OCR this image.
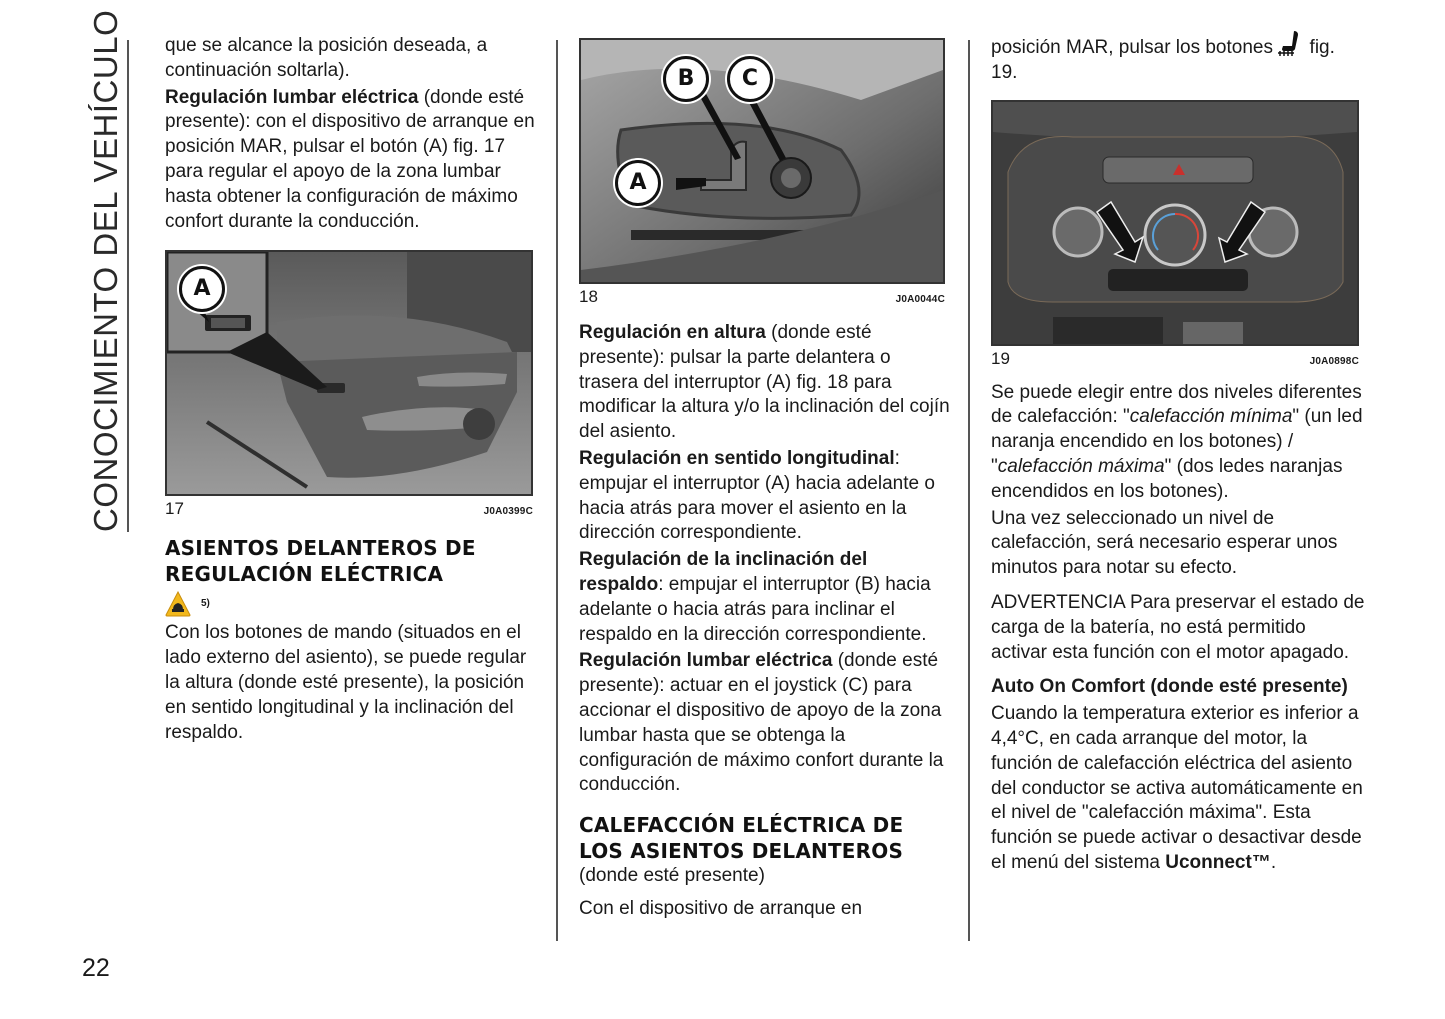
CONOCIMIENTO DEL VEHÍCULO
22

que se alcance la posición deseada, a continuación soltarla).

Regulación lumbar eléctrica (donde esté presente): con el dispositivo de arranque en posición MAR, pulsar el botón (A) fig. 17 para regular el apoyo de la zona lumbar hasta obtener la configuración de máximo confort durante la conducción.

A
17	J0A0399C
ASIENTOS DELANTEROS DE REGULACIÓN ELÉCTRICA
5)

Con los botones de mando (situados en el lado externo del asiento), se puede regular la altura (donde esté presente), la posición en sentido longitudinal y la inclinación del respaldo.

A
B	C
18	J0A0044C

Regulación en altura (donde esté presente): pulsar la parte delantera o trasera del interruptor (A) fig. 18 para modificar la altura y/o la inclinación del cojín del asiento.

Regulación en sentido longitudinal: empujar el interruptor (A) hacia adelante o hacia atrás para mover el asiento en la dirección correspondiente.

Regulación de la inclinación del respaldo: empujar el interruptor (B) hacia adelante o hacia atrás para inclinar el respaldo en la dirección correspondiente.

Regulación lumbar eléctrica (donde esté presente): actuar en el joystick (C) para accionar el dispositivo de apoyo de la zona lumbar hasta que se obtenga la configuración de máximo confort durante la conducción.

CALEFACCIÓN ELÉCTRICA DE LOS ASIENTOS DELANTEROS

(donde esté presente)

Con el dispositivo de arranque en

posición MAR, pulsar los botones  fig. 19.

19	J0A0898C

Se puede elegir entre dos niveles diferentes de calefacción: "calefacción mínima" (un led naranja encendido en los botones) / "calefacción máxima" (dos ledes naranjas encendidos en los botones).

Una vez seleccionado un nivel de calefacción, será necesario esperar unos minutos para notar su efecto.

ADVERTENCIA Para preservar el estado de carga de la batería, no está permitido activar esta función con el motor apagado.

Auto On Comfort (donde esté presente)

Cuando la temperatura exterior es inferior a 4,4°C, en cada arranque del motor, la función de calefacción eléctrica del asiento del conductor se activa automáticamente en el nivel de "calefacción máxima". Esta función se puede activar o desactivar desde el menú del sistema Uconnect™.
